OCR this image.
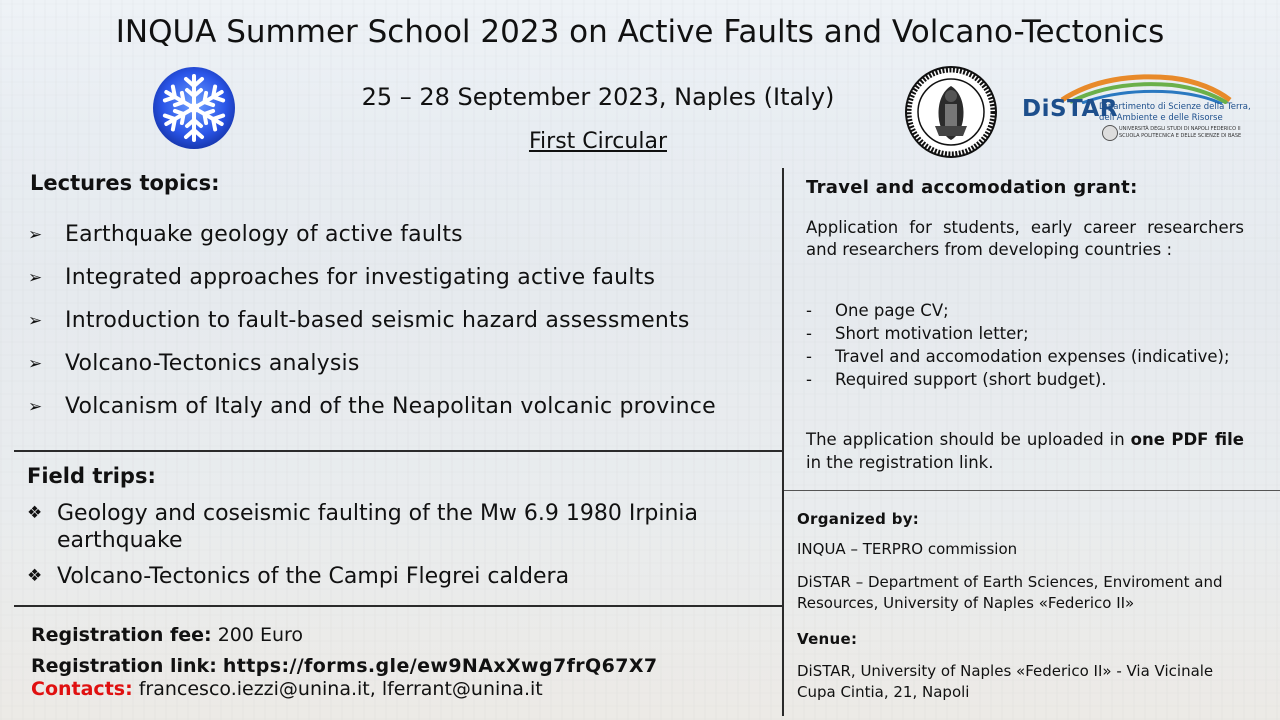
INQUA Summer School 2023 on Active Faults and Volcano-Tectonics
25 – 28 September 2023, Naples (Italy)
First Circular
DiSTAR
Dipartimento di Scienze della Terra,
dell'Ambiente e delle Risorse
UNIVERSITÀ DEGLI STUDI DI NAPOLI FEDERICO II
SCUOLA POLITECNICA E DELLE SCIENZE DI BASE
Lectures topics:
➢	Earthquake geology of active faults
➢	Integrated approaches for investigating active faults
➢	Introduction to fault-based seismic hazard assessments
➢	Volcano-Tectonics analysis
➢	Volcanism of Italy and of the Neapolitan volcanic province
Field trips:
❖ Geology and coseismic faulting of the Mw 6.9 1980 Irpinia earthquake
❖ Volcano-Tectonics of the Campi Flegrei caldera
Registration fee: 200 Euro
Registration link: https://forms.gle/ew9NAxXwg7frQ67X7
Contacts: francesco.iezzi@unina.it, lferrant@unina.it
Travel and accomodation grant:
Application for students, early career researchers and researchers from developing countries :
-	One page CV;
-	Short motivation letter;
-	Travel and accomodation expenses (indicative);
-	Required support (short budget).
The application should be uploaded in one PDF file in the registration link.
Organized by:
INQUA – TERPRO commission
DiSTAR – Department of Earth Sciences, Enviroment and Resources, University of Naples «Federico II»
Venue:
DiSTAR, University of Naples «Federico II» - Via Vicinale Cupa Cintia, 21, Napoli
